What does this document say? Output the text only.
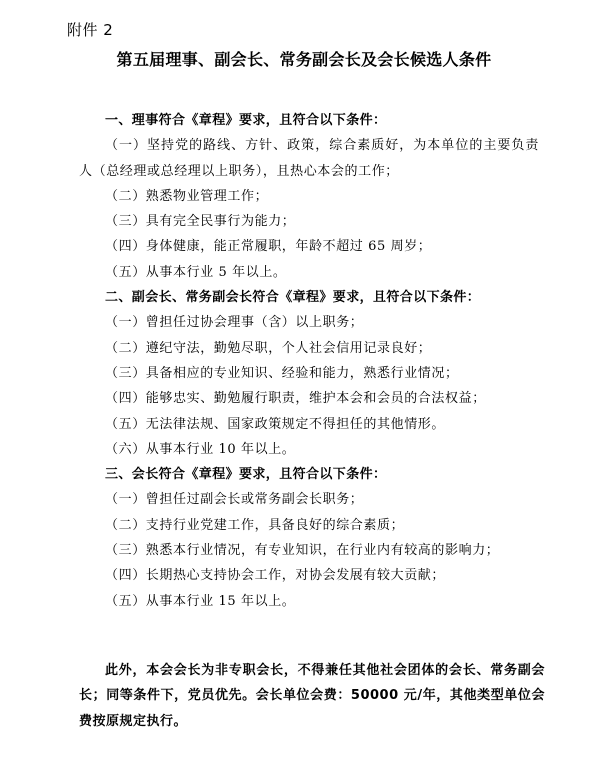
附件 2
第五届理事、副会长、常务副会长及会长候选人条件

一、理事符合《章程》要求，且符合以下条件：

（一）坚持党的路线、方针、政策，综合素质好，为本单位的主要负责人（总经理或总经理以上职务），且热心本会的工作；

（二）熟悉物业管理工作；

（三）具有完全民事行为能力；

（四）身体健康，能正常履职，年龄不超过 65 周岁；

（五）从事本行业 5 年以上。

二、副会长、常务副会长符合《章程》要求，且符合以下条件：

（一）曾担任过协会理事（含）以上职务；

（二）遵纪守法，勤勉尽职，个人社会信用记录良好；

（三）具备相应的专业知识、经验和能力，熟悉行业情况；

（四）能够忠实、勤勉履行职责，维护本会和会员的合法权益；

（五）无法律法规、国家政策规定不得担任的其他情形。

（六）从事本行业 10 年以上。

三、会长符合《章程》要求，且符合以下条件：

（一）曾担任过副会长或常务副会长职务；

（二）支持行业党建工作，具备良好的综合素质；

（三）熟悉本行业情况，有专业知识，在行业内有较高的影响力；

（四）长期热心支持协会工作，对协会发展有较大贡献；

（五）从事本行业 15 年以上。

此外，本会会长为非专职会长，不得兼任其他社会团体的会长、常务副会长；同等条件下，党员优先。会长单位会费：50000 元/年，其他类型单位会费按原规定执行。
